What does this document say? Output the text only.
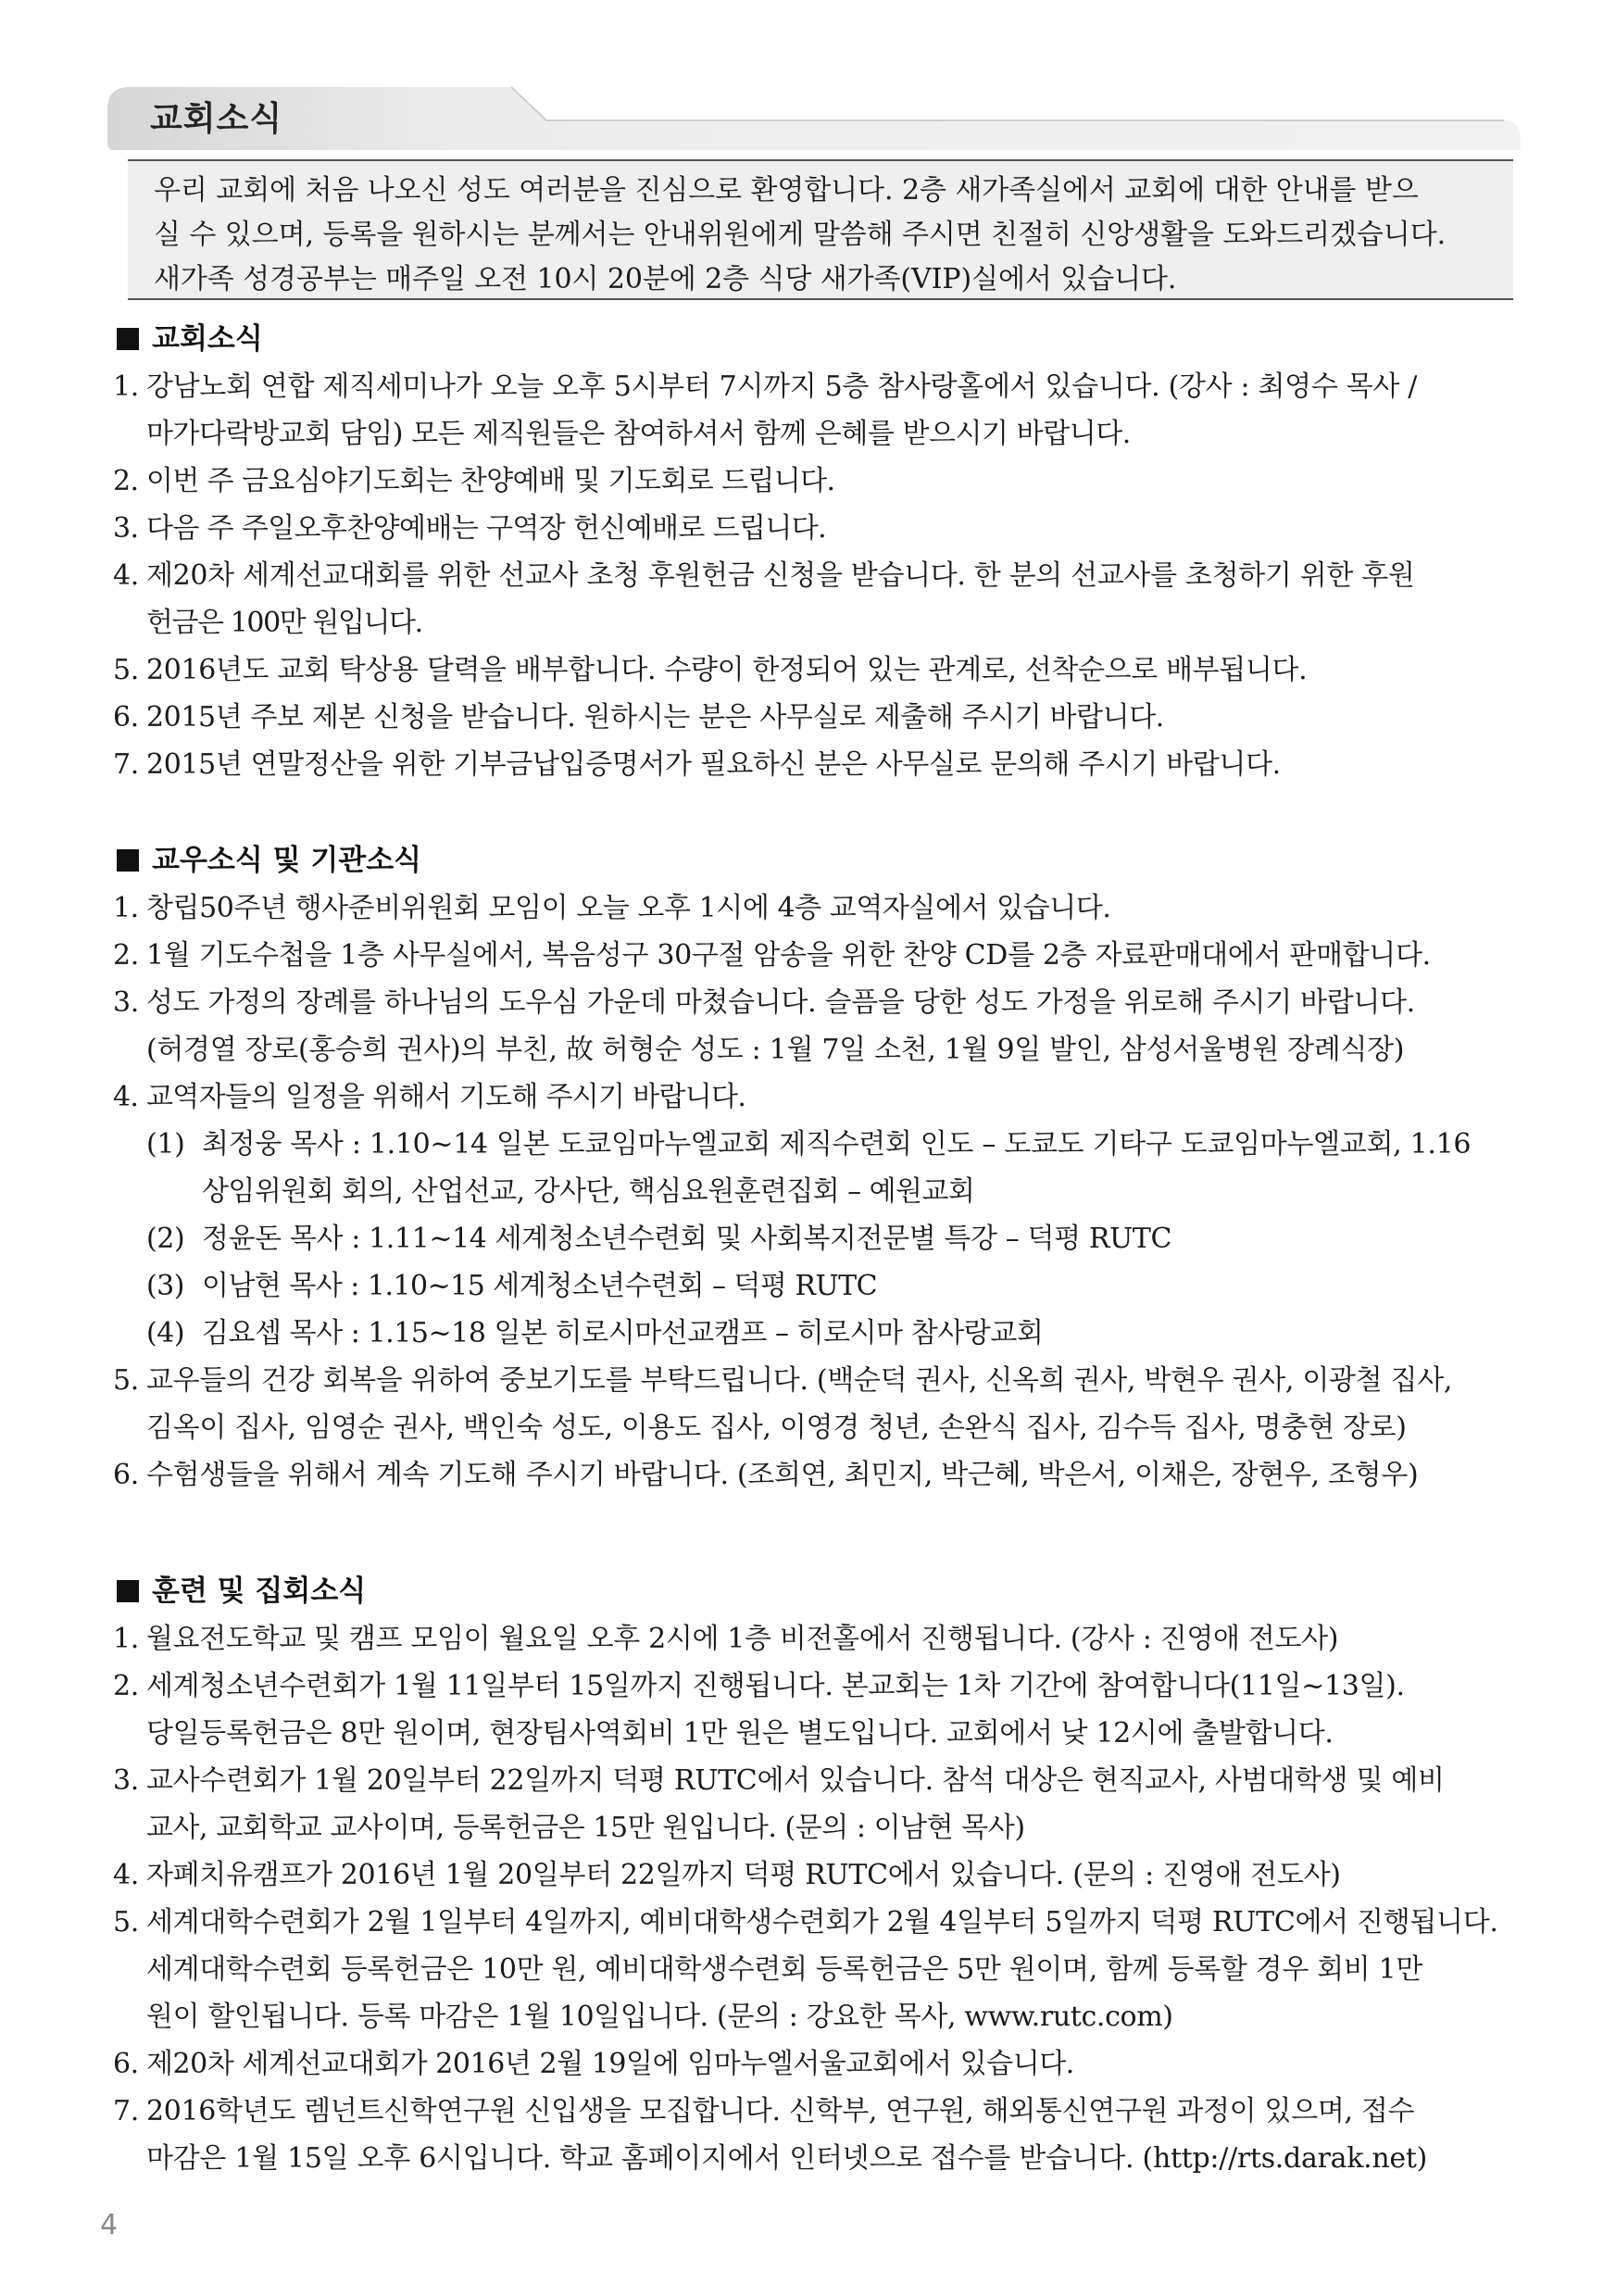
교회소식
우리 교회에 처음 나오신 성도 여러분을 진심으로 환영합니다. 2층 새가족실에서 교회에 대한 안내를 받으
실 수 있으며, 등록을 원하시는 분께서는 안내위원에게 말씀해 주시면 친절히 신앙생활을 도와드리겠습니다.
새가족 성경공부는 매주일 오전 10시 20분에 2층 식당 새가족(VIP)실에서 있습니다.
교회소식
1. 강남노회 연합 제직세미나가 오늘 오후 5시부터 7시까지 5층 참사랑홀에서 있습니다. (강사 : 최영수 목사 /
마가다락방교회 담임) 모든 제직원들은 참여하셔서 함께 은혜를 받으시기 바랍니다.
2. 이번 주 금요심야기도회는 찬양예배 및 기도회로 드립니다.
3. 다음 주 주일오후찬양예배는 구역장 헌신예배로 드립니다.
4. 제20차 세계선교대회를 위한 선교사 초청 후원헌금 신청을 받습니다. 한 분의 선교사를 초청하기 위한 후원
헌금은 100만 원입니다.
5. 2016년도 교회 탁상용 달력을 배부합니다. 수량이 한정되어 있는 관계로, 선착순으로 배부됩니다.
6. 2015년 주보 제본 신청을 받습니다. 원하시는 분은 사무실로 제출해 주시기 바랍니다.
7. 2015년 연말정산을 위한 기부금납입증명서가 필요하신 분은 사무실로 문의해 주시기 바랍니다.
교우소식 및 기관소식
1. 창립50주년 행사준비위원회 모임이 오늘 오후 1시에 4층 교역자실에서 있습니다.
2. 1월 기도수첩을 1층 사무실에서, 복음성구 30구절 암송을 위한 찬양 CD를 2층 자료판매대에서 판매합니다.
3. 성도 가정의 장례를 하나님의 도우심 가운데 마쳤습니다. 슬픔을 당한 성도 가정을 위로해 주시기 바랍니다.
(허경열 장로(홍승희 권사)의 부친, 故 허형순 성도 : 1월 7일 소천, 1월 9일 발인, 삼성서울병원 장례식장)
4. 교역자들의 일정을 위해서 기도해 주시기 바랍니다.
(1) 최정웅 목사 : 1.10~14 일본 도쿄임마누엘교회 제직수련회 인도 – 도쿄도 기타구 도쿄임마누엘교회, 1.16
상임위원회 회의, 산업선교, 강사단, 핵심요원훈련집회 – 예원교회
(2) 정윤돈 목사 : 1.11~14 세계청소년수련회 및 사회복지전문별 특강 – 덕평 RUTC
(3) 이남현 목사 : 1.10~15 세계청소년수련회 – 덕평 RUTC
(4) 김요셉 목사 : 1.15~18 일본 히로시마선교캠프 – 히로시마 참사랑교회
5. 교우들의 건강 회복을 위하여 중보기도를 부탁드립니다. (백순덕 권사, 신옥희 권사, 박현우 권사, 이광철 집사,
김옥이 집사, 임영순 권사, 백인숙 성도, 이용도 집사, 이영경 청년, 손완식 집사, 김수득 집사, 명충현 장로)
6. 수험생들을 위해서 계속 기도해 주시기 바랍니다. (조희연, 최민지, 박근혜, 박은서, 이채은, 장현우, 조형우)
훈련 및 집회소식
1. 월요전도학교 및 캠프 모임이 월요일 오후 2시에 1층 비전홀에서 진행됩니다. (강사 : 진영애 전도사)
2. 세계청소년수련회가 1월 11일부터 15일까지 진행됩니다. 본교회는 1차 기간에 참여합니다(11일~13일).
당일등록헌금은 8만 원이며, 현장팀사역회비 1만 원은 별도입니다. 교회에서 낮 12시에 출발합니다.
3. 교사수련회가 1월 20일부터 22일까지 덕평 RUTC에서 있습니다. 참석 대상은 현직교사, 사범대학생 및 예비
교사, 교회학교 교사이며, 등록헌금은 15만 원입니다. (문의 : 이남현 목사)
4. 자폐치유캠프가 2016년 1월 20일부터 22일까지 덕평 RUTC에서 있습니다. (문의 : 진영애 전도사)
5. 세계대학수련회가 2월 1일부터 4일까지, 예비대학생수련회가 2월 4일부터 5일까지 덕평 RUTC에서 진행됩니다.
세계대학수련회 등록헌금은 10만 원, 예비대학생수련회 등록헌금은 5만 원이며, 함께 등록할 경우 회비 1만
원이 할인됩니다. 등록 마감은 1월 10일입니다. (문의 : 강요한 목사, www.rutc.com)
6. 제20차 세계선교대회가 2016년 2월 19일에 임마누엘서울교회에서 있습니다.
7. 2016학년도 렘넌트신학연구원 신입생을 모집합니다. 신학부, 연구원, 해외통신연구원 과정이 있으며, 접수
마감은 1월 15일 오후 6시입니다. 학교 홈페이지에서 인터넷으로 접수를 받습니다. (http://rts.darak.net)
4
